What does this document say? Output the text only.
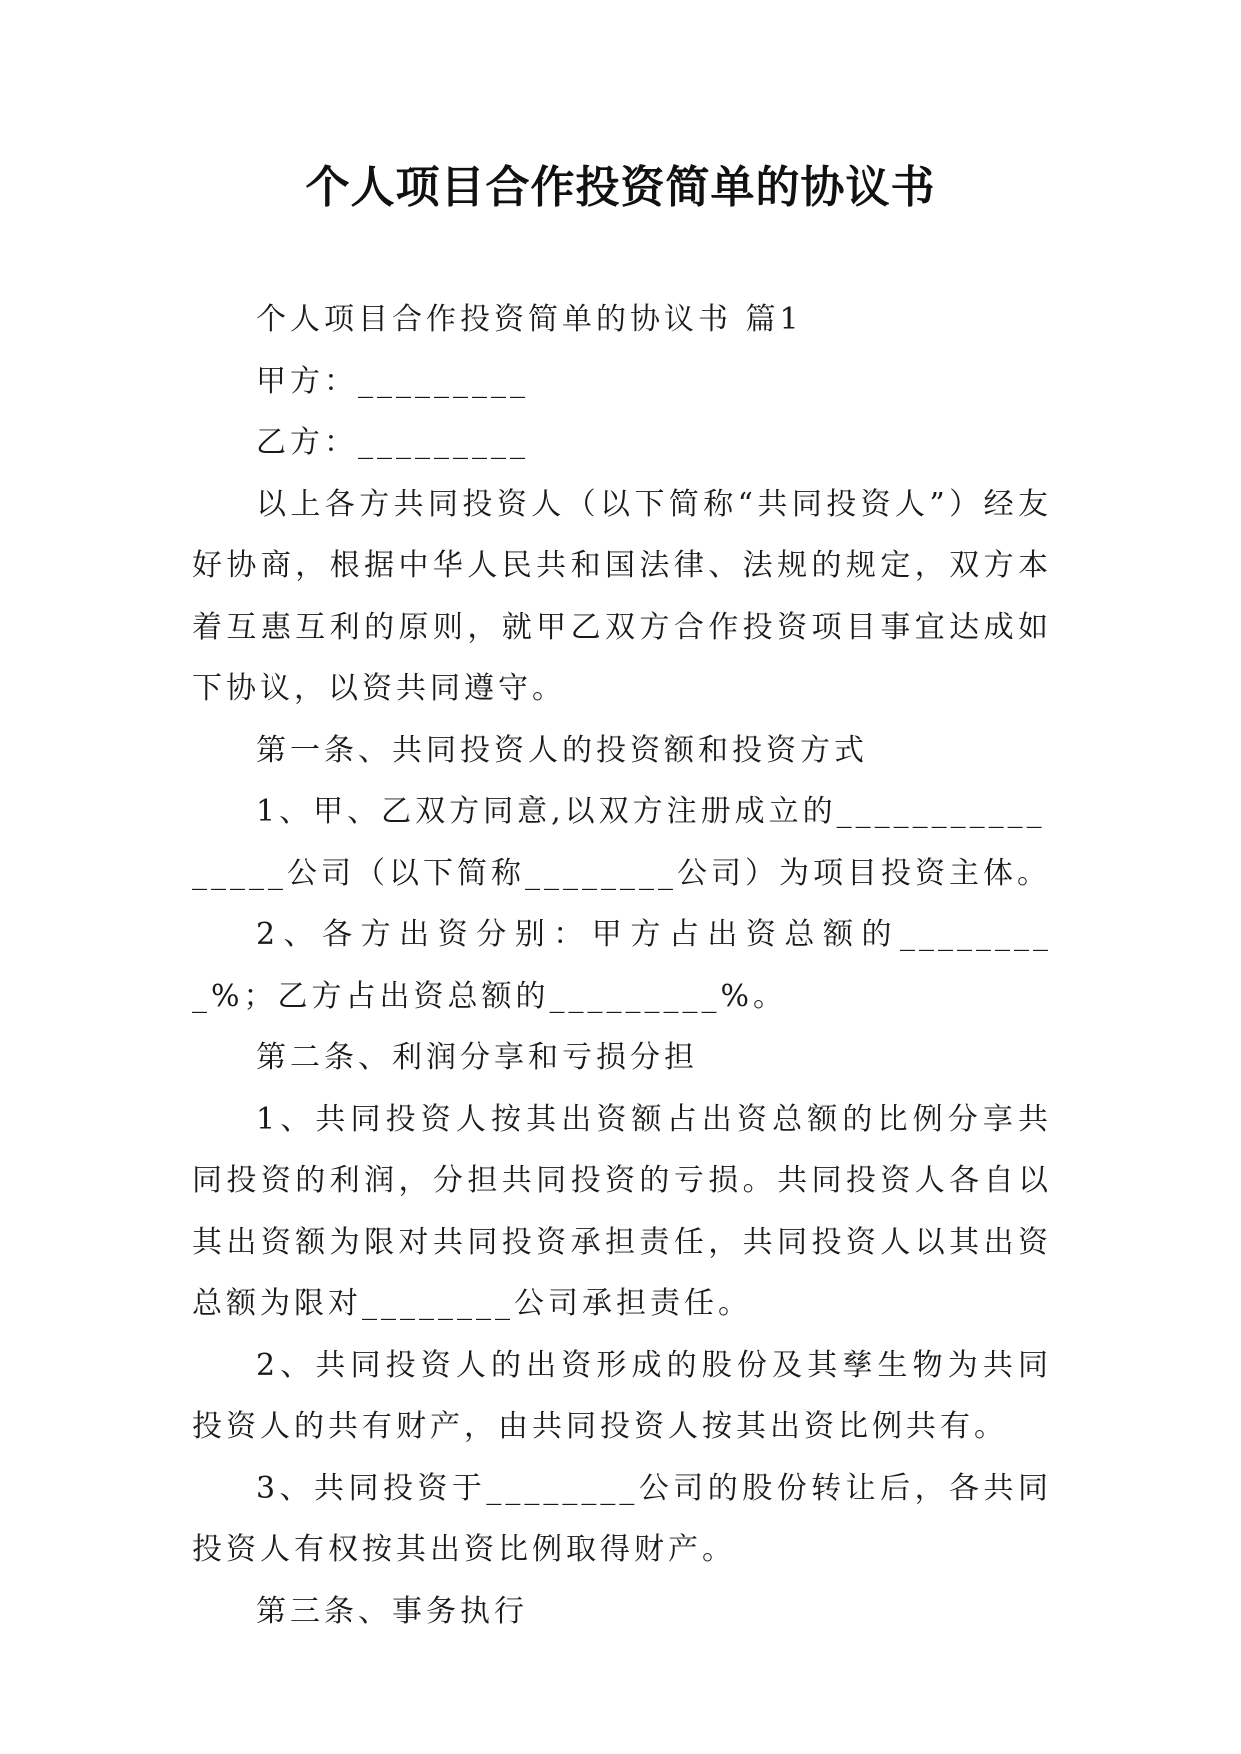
个人项目合作投资简单的协议书

个人项目合作投资简单的协议书 篇1

甲方：_________

乙方：_________

以上各方共同投资人（以下简称“共同投资人”）经友好协商，根据中华人民共和国法律、法规的规定，双方本着互惠互利的原则，就甲乙双方合作投资项目事宜达成如下协议，以资共同遵守。

第一条、共同投资人的投资额和投资方式

1、甲、乙双方同意,以双方注册成立的________________公司（以下简称________公司）为项目投资主体。

2、各方出资分别：甲方占出资总额的_________%；乙方占出资总额的_________%。

第二条、利润分享和亏损分担

1、共同投资人按其出资额占出资总额的比例分享共同投资的利润，分担共同投资的亏损。共同投资人各自以其出资额为限对共同投资承担责任，共同投资人以其出资总额为限对________公司承担责任。

2、共同投资人的出资形成的股份及其孳生物为共同投资人的共有财产，由共同投资人按其出资比例共有。

3、共同投资于________公司的股份转让后，各共同投资人有权按其出资比例取得财产。

第三条、事务执行
